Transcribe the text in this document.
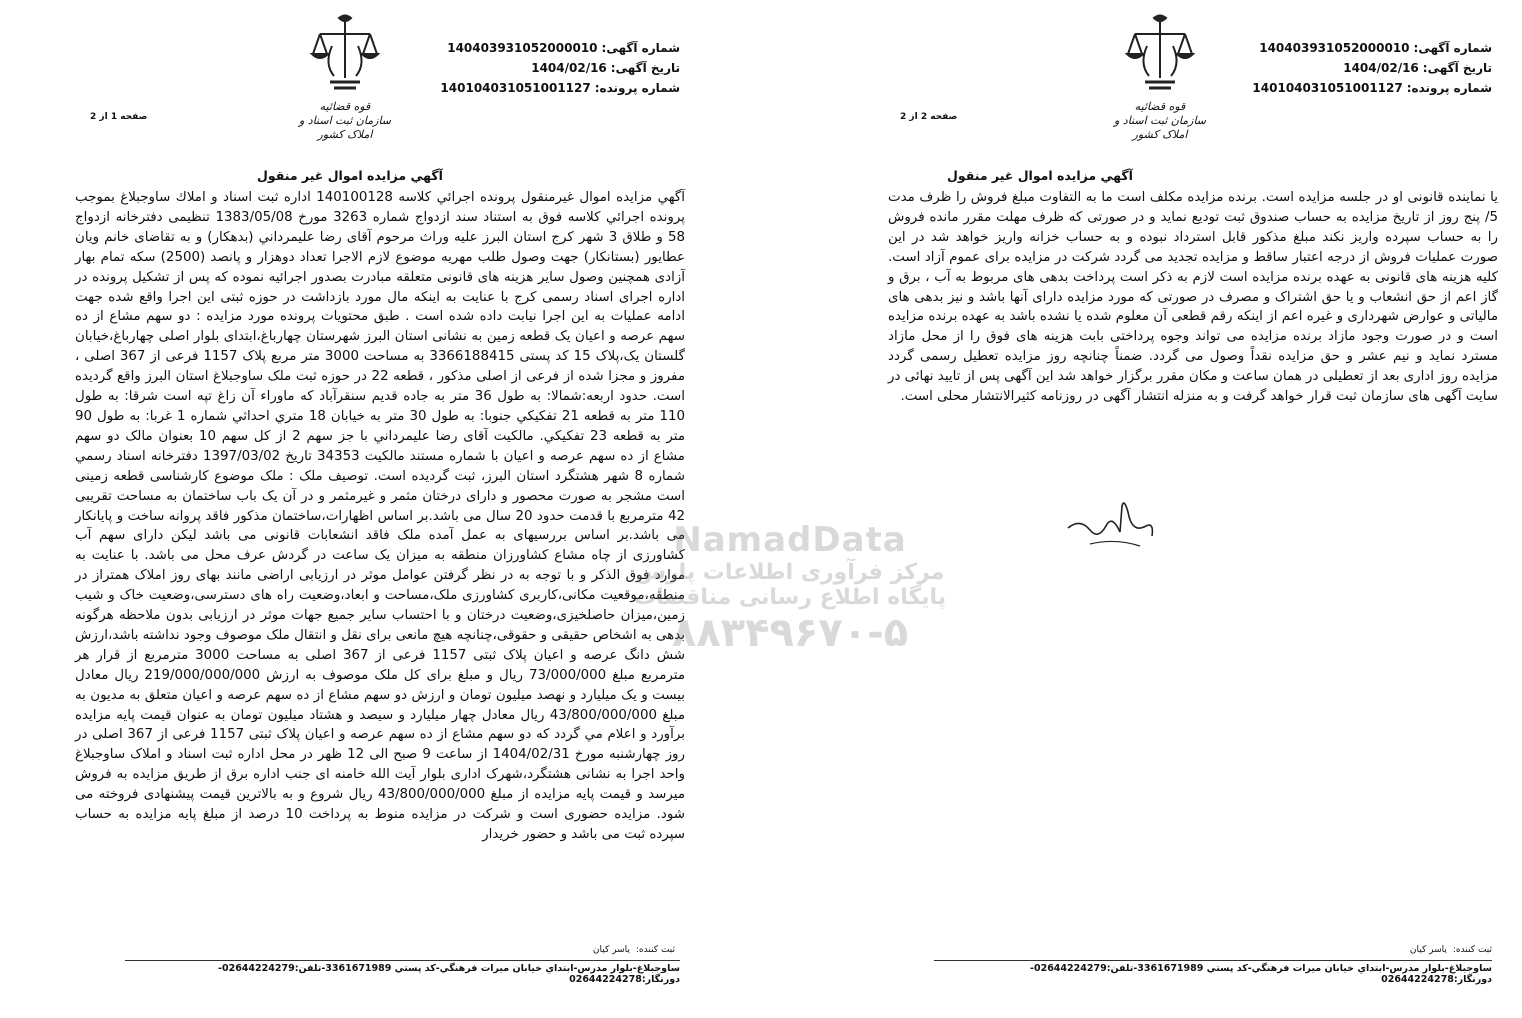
شماره آگهی:140403931052000010
تاریخ آگهی:1404/02/16
شماره پرونده:140104031051001127
قوه قضائیه
سازمان ثبت اسناد و املاک کشور
صفحه 1 از 2
آگهي مزايده اموال غير منقول
آگهي مزايده اموال غيرمنقول پرونده اجرائي كلاسه 140100128 اداره ثبت اسناد و املاك ساوجبلاغ بموجب پرونده اجرائي كلاسه فوق به استناد سند ازدواج شماره 3263 مورخ 1383/05/08 تنظيمی دفترخانه ازدواج 58 و طلاق 3 شهر كرج استان البرز عليه وراث مرحوم آقای رضا عليمرداني (بدهکار) و به تقاضای خانم ويان عطايور (بستانکار) جهت وصول طلب مهريه موضوع لازم الاجرا تعداد دوهزار و پانصد (2500) سکه تمام بهار آزادی همچنين وصول ساير هزينه های قانونی متعلقه مبادرت بصدور اجرائيه نموده که پس از تشکيل پرونده در اداره اجرای اسناد رسمی کرج با عنايت به اينکه مال مورد بازداشت در حوزه ثبتی اين اجرا واقع شده جهت ادامه عمليات به اين اجرا نيابت داده شده است . طبق محتويات پرونده مورد مزايده : دو سهم مشاع از ده سهم عرصه و اعيان يک قطعه زمين به نشانی استان البرز شهرستان چهارباغ،ابتدای بلوار اصلی چهارباغ،خيابان گلستان يک،پلاک 15 کد پستی 3366188415 به مساحت 3000 متر مربع پلاک 1157 فرعی از 367 اصلی ، مفروز و مجزا شده از فرعی از اصلی مذکور ، قطعه 22 در حوزه ثبت ملک ساوجبلاغ استان البرز واقع گرديده است. حدود اربعه:شمالا: به طول 36 متر به جاده قديم سنقرآباد كه ماوراء آن زاغ تپه است شرقا: به طول 110 متر به قطعه 21 تفكيكي جنوبا: به طول 30 متر به خيابان 18 متري احداثي شماره 1 غربا: به طول 90 متر به قطعه 23 تفكيكي. مالکيت آقای رضا عليمرداني با جز سهم 2 از کل سهم 10 بعنوان مالک دو سهم مشاع از ده سهم عرصه و اعيان با شماره مستند مالکيت 34353 تاريخ 1397/03/02 دفترخانه اسناد رسمي شماره 8 شهر هشتگرد استان البرز، ثبت گرديده است. توصيف ملک : ملک موضوع كارشناسی قطعه زمينی است مشجر به صورت محصور و دارای درختان مثمر و غيرمثمر و در آن يک باب ساختمان به مساحت تقريبی 42 مترمربع با قدمت حدود 20 سال می باشد.بر اساس اظهارات،ساختمان مذکور فاقد پروانه ساخت و پايانکار می باشد.بر اساس بررسيهای به عمل آمده ملک فاقد انشعابات قانونی می باشد ليکن دارای سهم آب کشاورزی از چاه مشاع کشاورزان منطقه به ميزان يک ساعت در گردش عرف محل می باشد. با عنايت به موارد فوق الذکر و با توجه به در نظر گرفتن عوامل موثر در ارزيابی اراضی مانند بهای روز املاک همتراز در منطقه،موقعيت مکانی،کاربری کشاورزی ملک،مساحت و ابعاد،وضعيت راه های دسترسی،وضعيت خاک و شيب زمين،ميزان حاصلخيزی،وضعيت درختان و با احتساب ساير جميع جهات موثر در ارزيابی بدون ملاحظه هرگونه بدهی به اشخاص حقيقی و حقوقی،چنانچه هيچ مانعی برای نقل و انتقال ملک موصوف وجود نداشته باشد،ارزش شش دانگ عرصه و اعيان پلاک ثبتی 1157 فرعی از 367 اصلی به مساحت 3000 مترمربع از قرار هر مترمربع مبلغ 73/000/000 ريال و مبلغ برای کل ملک موصوف به ارزش 219/000/000/000 ريال معادل بيست و يک ميليارد و نهصد ميليون تومان و ارزش دو سهم مشاع از ده سهم عرصه و اعيان متعلق به مديون به مبلغ 43/800/000/000 ريال معادل چهار ميليارد و سيصد و هشتاد ميليون تومان به عنوان قيمت پايه مزايده برآورد و اعلام مي گردد كه دو سهم مشاع از ده سهم عرصه و اعيان پلاک ثبتی 1157 فرعی از 367 اصلی در روز چهارشنبه مورخ 1404/02/31 از ساعت 9 صبح الی 12 ظهر در محل اداره ثبت اسناد و املاک ساوجبلاغ واحد اجرا به نشانی هشتگرد،شهرک اداری بلوار آيت الله خامنه ای جنب اداره برق از طريق مزايده به فروش ميرسد و قيمت پايه مزايده از مبلغ 43/800/000/000 ريال شروع و به بالاترين قيمت پيشنهادی فروخته می شود. مزايده حضوری است و شرکت در مزايده منوط به پرداخت 10 درصد از مبلغ پايه مزايده به حساب سپرده ثبت می باشد و حضور خريدار
ثبت کننده:ياسر كيان
ساوجبلاغ-بلوار مدرس-ابتداي خيابان ميرات فرهنگي-كد پستي 3361671989-تلفن:02644224279-دورنگار:02644224278
شماره آگهی:140403931052000010
تاریخ آگهی:1404/02/16
شماره پرونده:140104031051001127
قوه قضائیه
سازمان ثبت اسناد و املاک کشور
صفحه 2 از 2
آگهي مزايده اموال غير منقول
يا نماينده قانونی او در جلسه مزايده است. برنده مزايده مکلف است ما به التفاوت مبلغ فروش را ظرف مدت 5/ پنج روز از تاريخ مزايده به حساب صندوق ثبت توديع نمايد و در صورتی که ظرف مهلت مقرر مانده فروش را به حساب سپرده واريز نکند مبلغ مذکور قابل استرداد نبوده و به حساب خزانه واريز خواهد شد در اين صورت عمليات فروش از درجه اعتبار ساقط و مزايده تجديد می گردد شرکت در مزايده برای عموم آزاد است. کليه هزينه های قانونی به عهده برنده مزايده است لازم به ذکر است پرداخت بدهی های مربوط به آب ، برق و گاز اعم از حق انشعاب و يا حق اشتراک و مصرف در صورتی که مورد مزايده دارای آنها باشد و نيز بدهی های مالياتی و عوارض شهرداری و غيره اعم از اينکه رقم قطعی آن معلوم شده يا نشده باشد به عهده برنده مزايده است و در صورت وجود مازاد برنده مزايده می تواند وجوه پرداختی بابت هزينه های فوق را از محل مازاد مسترد نمايد و نيم عشر و حق مزايده نقداً وصول می گردد. ضمناً چنانچه روز مزايده تعطيل رسمی گردد مزايده روز اداری بعد از تعطيلی در همان ساعت و مکان مقرر برگزار خواهد شد اين آگهی پس از تاييد نهائی در سايت آگهی های سازمان ثبت قرار خواهد گرفت و به منزله انتشار آگهی در روزنامه کثيرالانتشار محلی است.
ثبت کننده:ياسر كيان
ساوجبلاغ-بلوار مدرس-ابتداي خيابان ميرات فرهنگي-كد پستي 3361671989-تلفن:02644224279-دورنگار:02644224278
NamadData
مرکز فرآوری اطلاعات پارس
پایگاه اطلاع رسانی مناقصات
۸۸۳۴۹۶۷۰-۵
